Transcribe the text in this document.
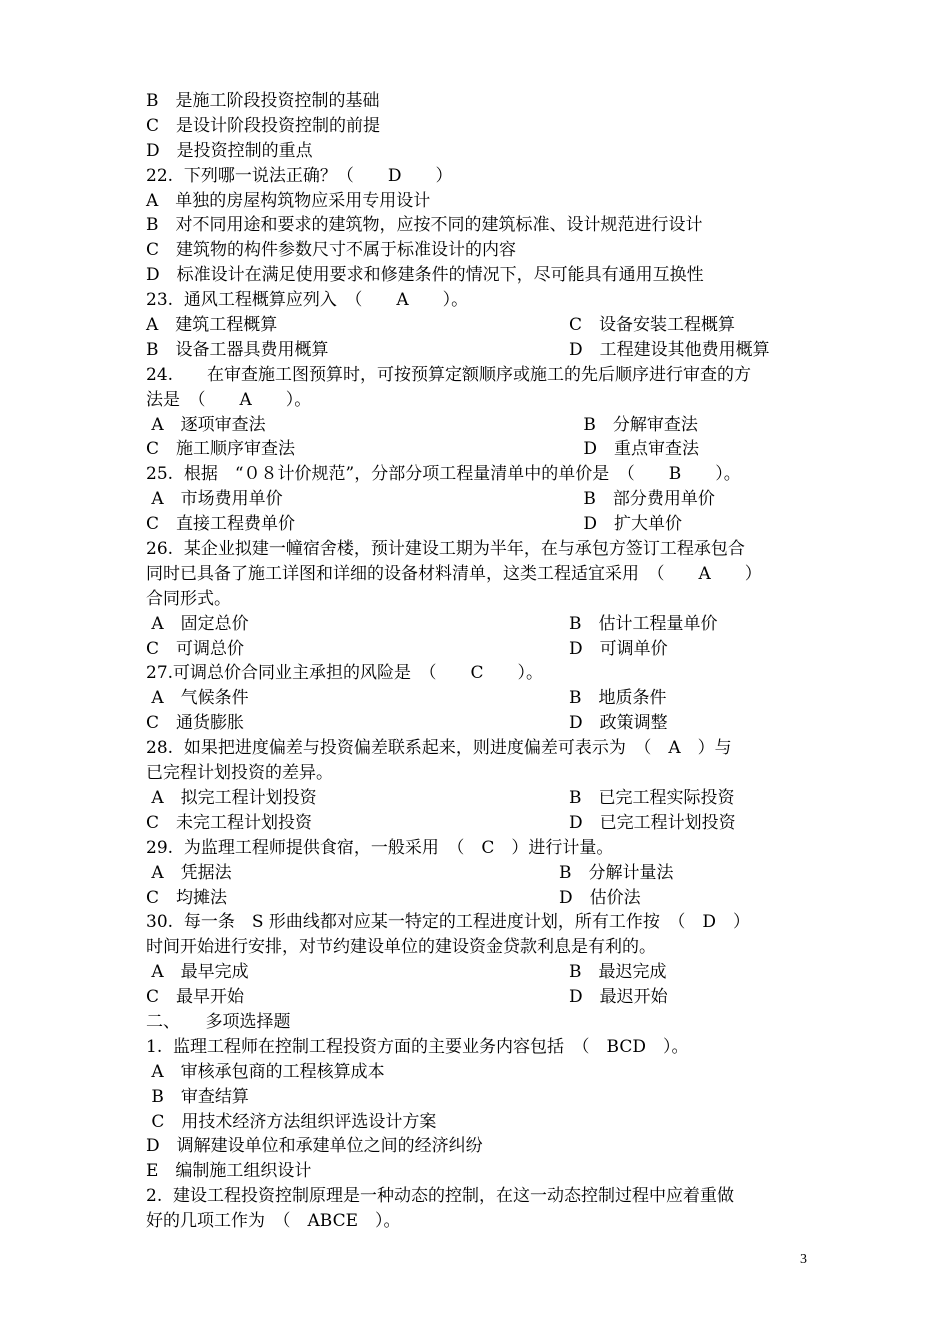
B　是施工阶段投资控制的基础
C　是设计阶段投资控制的前提
D　是投资控制的重点
22.  下列哪一说法正确？（　　D　　）
A　单独的房屋构筑物应采用专用设计
B　对不同用途和要求的建筑物，应按不同的建筑标准、设计规范进行设计
C　建筑物的构件参数尺寸不属于标准设计的内容
D　标准设计在满足使用要求和修建条件的情况下，尽可能具有通用互换性
23.  通风工程概算应列入　（　　A　　）。
A　建筑工程概算	C　设备安装工程概算
B　设备工器具费用概算	D　工程建设其他费用概算
24.　　在审查施工图预算时，可按预算定额顺序或施工的先后顺序进行审查的方
法是　（　　A　　）。
A　逐项审查法	B　分解审查法
C　施工顺序审查法	D　重点审查法
25.  根据　“０８计价规范”，分部分项工程量清单中的单价是　（　　B　　）。
A　市场费用单价	B　部分费用单价
C　直接工程费单价	D　扩大单价
26.  某企业拟建一幢宿舍楼，预计建设工期为半年，在与承包方签订工程承包合
同时已具备了施工详图和详细的设备材料清单，这类工程适宜采用　（　　A　　）
合同形式。
A　固定总价	B　估计工程量单价
C　可调总价	D　可调单价
27.可调总价合同业主承担的风险是　（　　C　　）。
A　气候条件	B　地质条件
C　通货膨胀	D　政策调整
28.  如果把进度偏差与投资偏差联系起来，则进度偏差可表示为　（　A　）与
已完程计划投资的差异。
A　拟完工程计划投资	B　已完工程实际投资
C　未完工程计划投资	D　已完工程计划投资
29.  为监理工程师提供食宿，一般采用　（　C　）进行计量。
A　凭据法	B　分解计量法
C　均摊法	D　估价法
30.  每一条　S 形曲线都对应某一特定的工程进度计划，所有工作按　（　D　）
时间开始进行安排，对节约建设单位的建设资金贷款利息是有利的。
A　最早完成	B　最迟完成
C　最早开始	D　最迟开始
二、　　多项选择题
1.  监理工程师在控制工程投资方面的主要业务内容包括　（　BCD　）。
A　审核承包商的工程核算成本
B　审查结算
C　用技术经济方法组织评选设计方案
D　调解建设单位和承建单位之间的经济纠纷
E　编制施工组织设计
2.  建设工程投资控制原理是一种动态的控制，在这一动态控制过程中应着重做
好的几项工作为　（　ABCE　）。
3
